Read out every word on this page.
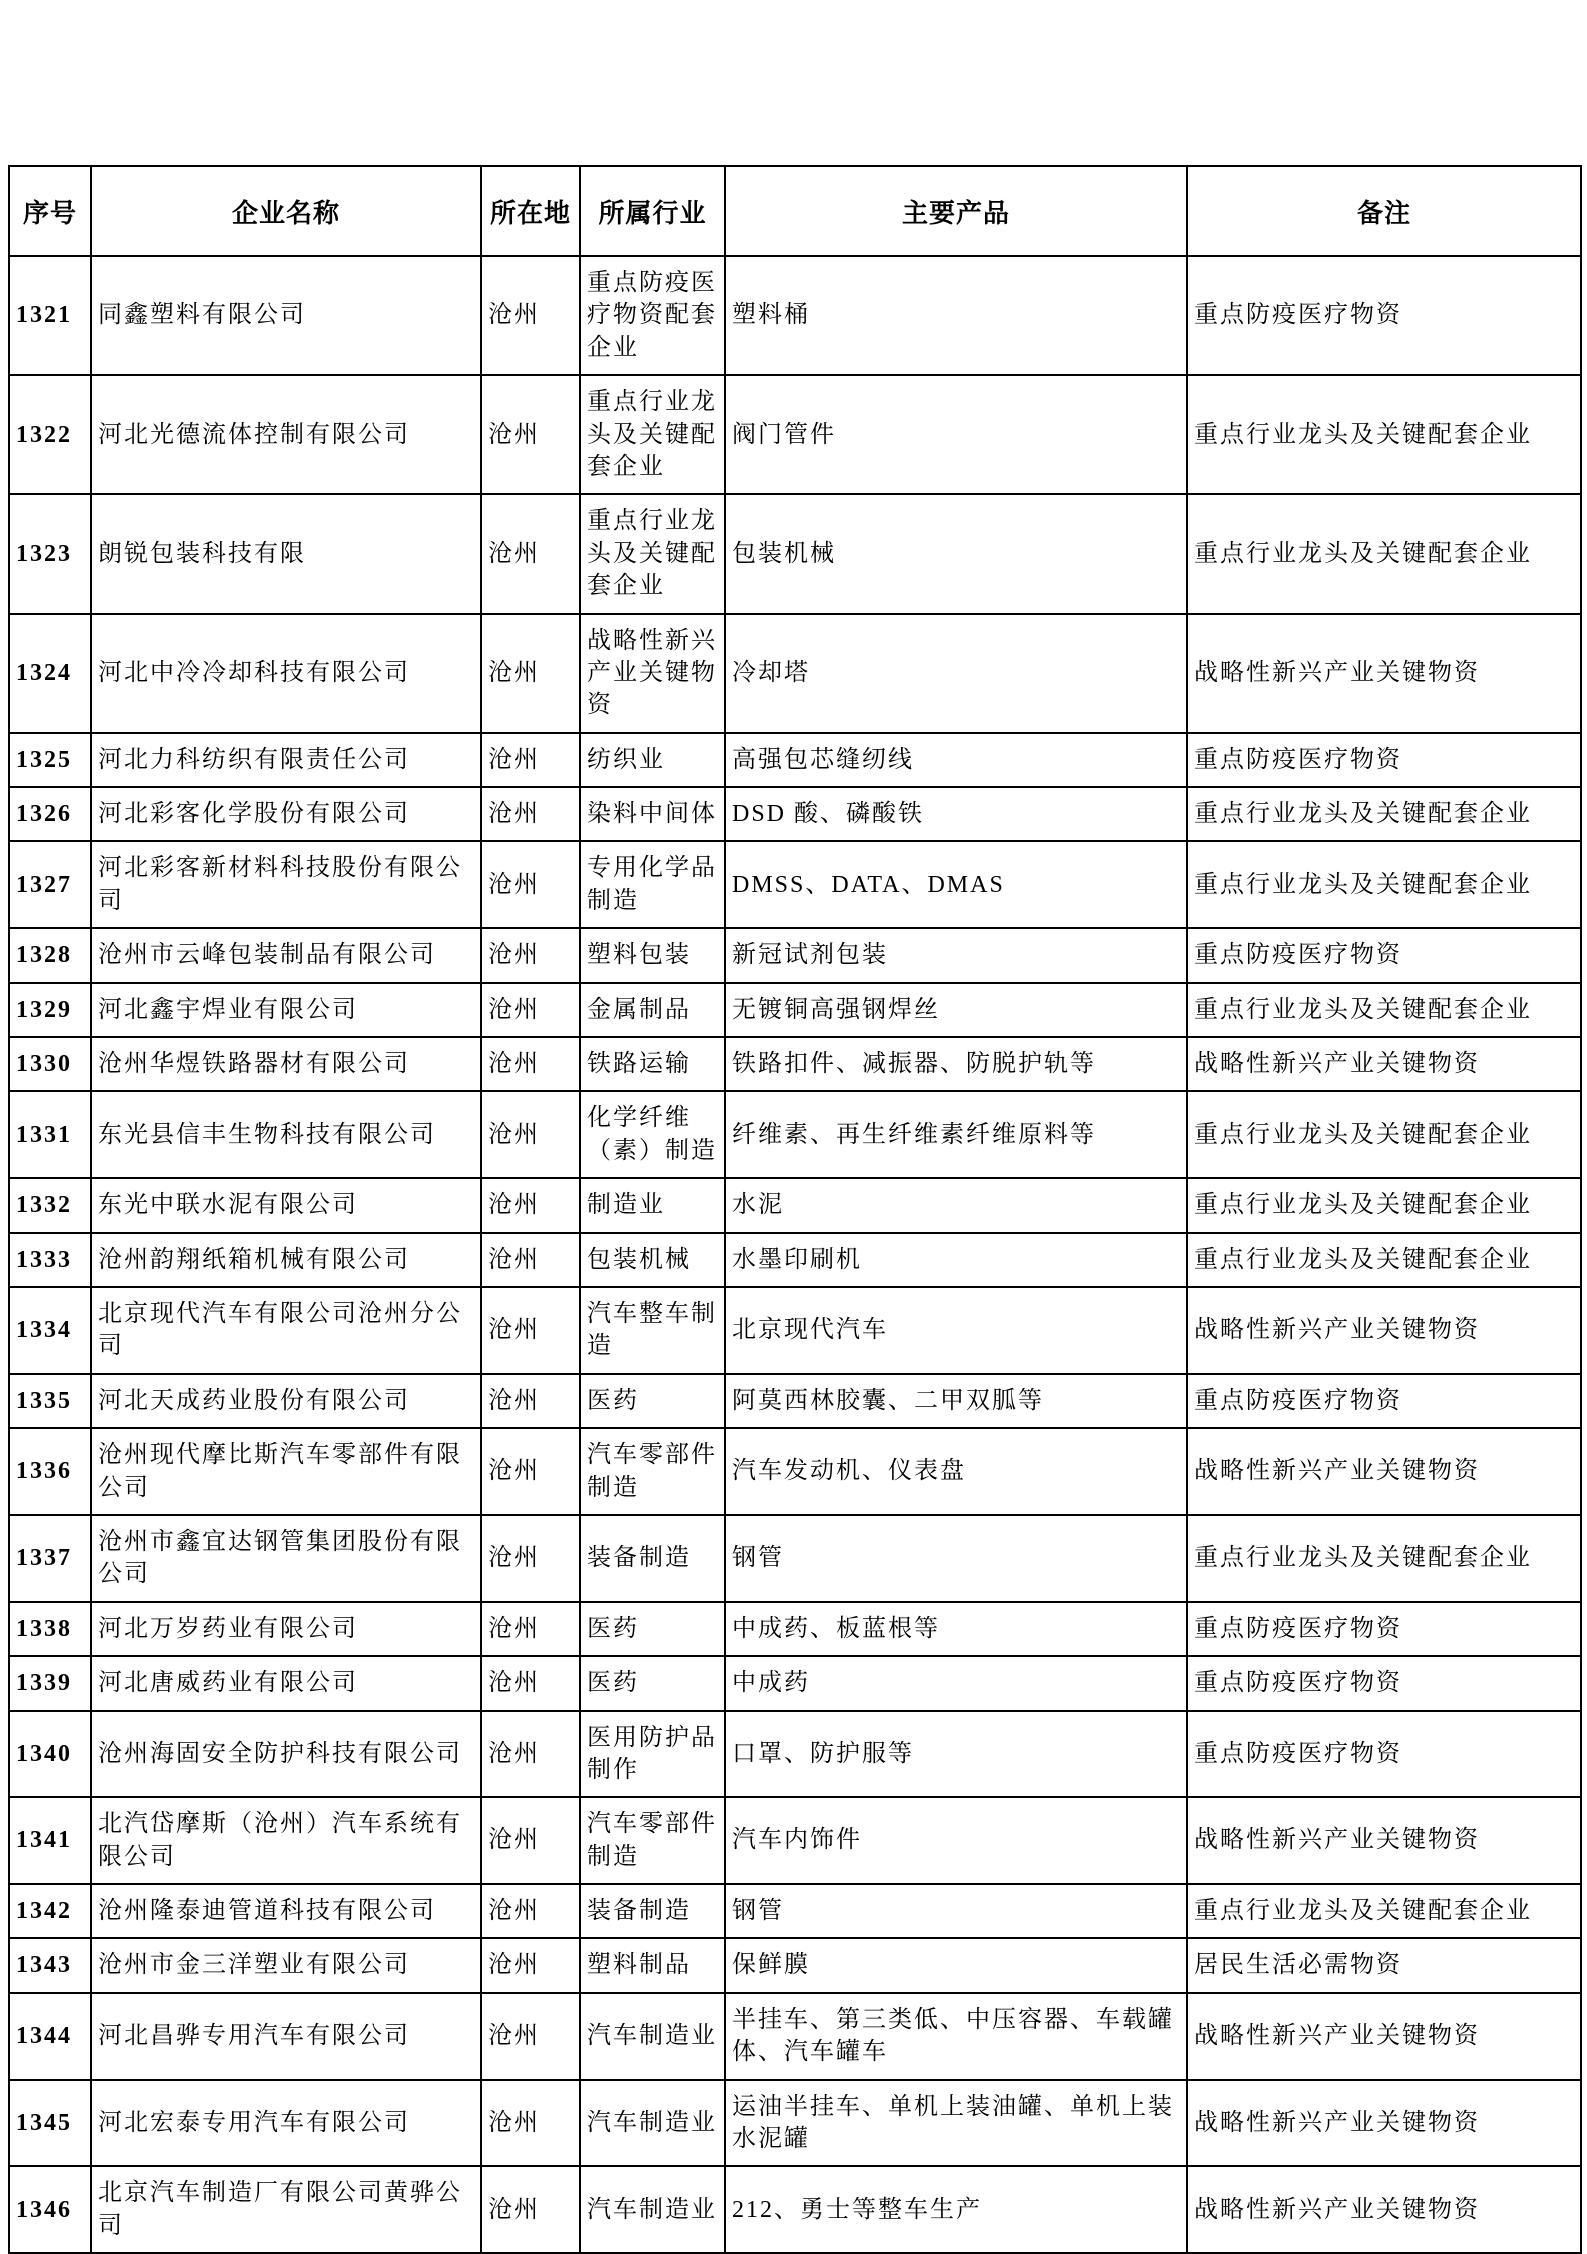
序号	企业名称	所在地	所属行业	主要产品	备注
1321	同鑫塑料有限公司	沧州	重点防疫医疗物资配套企业	塑料桶	重点防疫医疗物资
1322	河北光德流体控制有限公司	沧州	重点行业龙头及关键配套企业	阀门管件	重点行业龙头及关键配套企业
1323	朗锐包装科技有限	沧州	重点行业龙头及关键配套企业	包装机械	重点行业龙头及关键配套企业
1324	河北中冷冷却科技有限公司	沧州	战略性新兴产业关键物资	冷却塔	战略性新兴产业关键物资
1325	河北力科纺织有限责任公司	沧州	纺织业	高强包芯缝纫线	重点防疫医疗物资
1326	河北彩客化学股份有限公司	沧州	染料中间体	DSD 酸、磷酸铁	重点行业龙头及关键配套企业
1327	河北彩客新材料科技股份有限公司	沧州	专用化学品制造	DMSS、DATA、DMAS	重点行业龙头及关键配套企业
1328	沧州市云峰包装制品有限公司	沧州	塑料包装	新冠试剂包装	重点防疫医疗物资
1329	河北鑫宇焊业有限公司	沧州	金属制品	无镀铜高强钢焊丝	重点行业龙头及关键配套企业
1330	沧州华煜铁路器材有限公司	沧州	铁路运输	铁路扣件、减振器、防脱护轨等	战略性新兴产业关键物资
1331	东光县信丰生物科技有限公司	沧州	化学纤维（素）制造	纤维素、再生纤维素纤维原料等	重点行业龙头及关键配套企业
1332	东光中联水泥有限公司	沧州	制造业	水泥	重点行业龙头及关键配套企业
1333	沧州韵翔纸箱机械有限公司	沧州	包装机械	水墨印刷机	重点行业龙头及关键配套企业
1334	北京现代汽车有限公司沧州分公司	沧州	汽车整车制造	北京现代汽车	战略性新兴产业关键物资
1335	河北天成药业股份有限公司	沧州	医药	阿莫西林胶囊、二甲双胍等	重点防疫医疗物资
1336	沧州现代摩比斯汽车零部件有限公司	沧州	汽车零部件制造	汽车发动机、仪表盘	战略性新兴产业关键物资
1337	沧州市鑫宜达钢管集团股份有限公司	沧州	装备制造	钢管	重点行业龙头及关键配套企业
1338	河北万岁药业有限公司	沧州	医药	中成药、板蓝根等	重点防疫医疗物资
1339	河北唐威药业有限公司	沧州	医药	中成药	重点防疫医疗物资
1340	沧州海固安全防护科技有限公司	沧州	医用防护品制作	口罩、防护服等	重点防疫医疗物资
1341	北汽岱摩斯（沧州）汽车系统有限公司	沧州	汽车零部件制造	汽车内饰件	战略性新兴产业关键物资
1342	沧州隆泰迪管道科技有限公司	沧州	装备制造	钢管	重点行业龙头及关键配套企业
1343	沧州市金三洋塑业有限公司	沧州	塑料制品	保鲜膜	居民生活必需物资
1344	河北昌骅专用汽车有限公司	沧州	汽车制造业	半挂车、第三类低、中压容器、车载罐体、汽车罐车	战略性新兴产业关键物资
1345	河北宏泰专用汽车有限公司	沧州	汽车制造业	运油半挂车、单机上装油罐、单机上装水泥罐	战略性新兴产业关键物资
1346	北京汽车制造厂有限公司黄骅公司	沧州	汽车制造业	212、勇士等整车生产	战略性新兴产业关键物资
